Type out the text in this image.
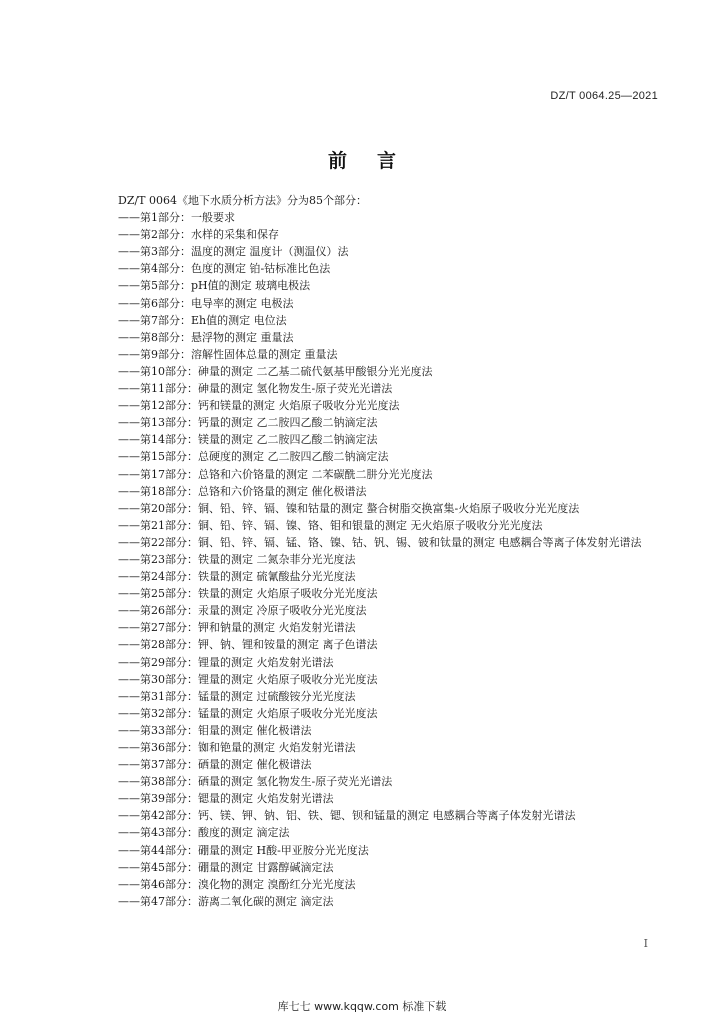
DZ/T 0064.25—2021
前言
DZ/T 0064《地下水质分析方法》分为85个部分：
——第1部分：一般要求
——第2部分：水样的采集和保存
——第3部分：温度的测定 温度计（测温仪）法
——第4部分：色度的测定 铂-钴标准比色法
——第5部分：pH值的测定 玻璃电极法
——第6部分：电导率的测定 电极法
——第7部分：Eh值的测定 电位法
——第8部分：悬浮物的测定 重量法
——第9部分：溶解性固体总量的测定 重量法
——第10部分：砷量的测定 二乙基二硫代氨基甲酸银分光光度法
——第11部分：砷量的测定 氢化物发生-原子荧光光谱法
——第12部分：钙和镁量的测定 火焰原子吸收分光光度法
——第13部分：钙量的测定 乙二胺四乙酸二钠滴定法
——第14部分：镁量的测定 乙二胺四乙酸二钠滴定法
——第15部分：总硬度的测定 乙二胺四乙酸二钠滴定法
——第17部分：总铬和六价铬量的测定 二苯碳酰二肼分光光度法
——第18部分：总铬和六价铬量的测定 催化极谱法
——第20部分：铜、铅、锌、镉、镍和钴量的测定 螯合树脂交换富集-火焰原子吸收分光光度法
——第21部分：铜、铅、锌、镉、镍、铬、钼和银量的测定 无火焰原子吸收分光光度法
——第22部分：铜、铅、锌、镉、锰、铬、镍、钴、钒、锡、铍和钛量的测定 电感耦合等离子体发射光谱法
——第23部分：铁量的测定 二氮杂菲分光光度法
——第24部分：铁量的测定 硫氰酸盐分光光度法
——第25部分：铁量的测定 火焰原子吸收分光光度法
——第26部分：汞量的测定 冷原子吸收分光光度法
——第27部分：钾和钠量的测定 火焰发射光谱法
——第28部分：钾、钠、锂和铵量的测定 离子色谱法
——第29部分：锂量的测定 火焰发射光谱法
——第30部分：锂量的测定 火焰原子吸收分光光度法
——第31部分：锰量的测定 过硫酸铵分光光度法
——第32部分：锰量的测定 火焰原子吸收分光光度法
——第33部分：钼量的测定 催化极谱法
——第36部分：铷和铯量的测定 火焰发射光谱法
——第37部分：硒量的测定 催化极谱法
——第38部分：硒量的测定 氢化物发生-原子荧光光谱法
——第39部分：锶量的测定 火焰发射光谱法
——第42部分：钙、镁、钾、钠、铝、铁、锶、钡和锰量的测定 电感耦合等离子体发射光谱法
——第43部分：酸度的测定 滴定法
——第44部分：硼量的测定 H酸-甲亚胺分光光度法
——第45部分：硼量的测定 甘露醇碱滴定法
——第46部分：溴化物的测定 溴酚红分光光度法
——第47部分：游离二氧化碳的测定 滴定法
I
库七七 www.kqqw.com 标准下载
